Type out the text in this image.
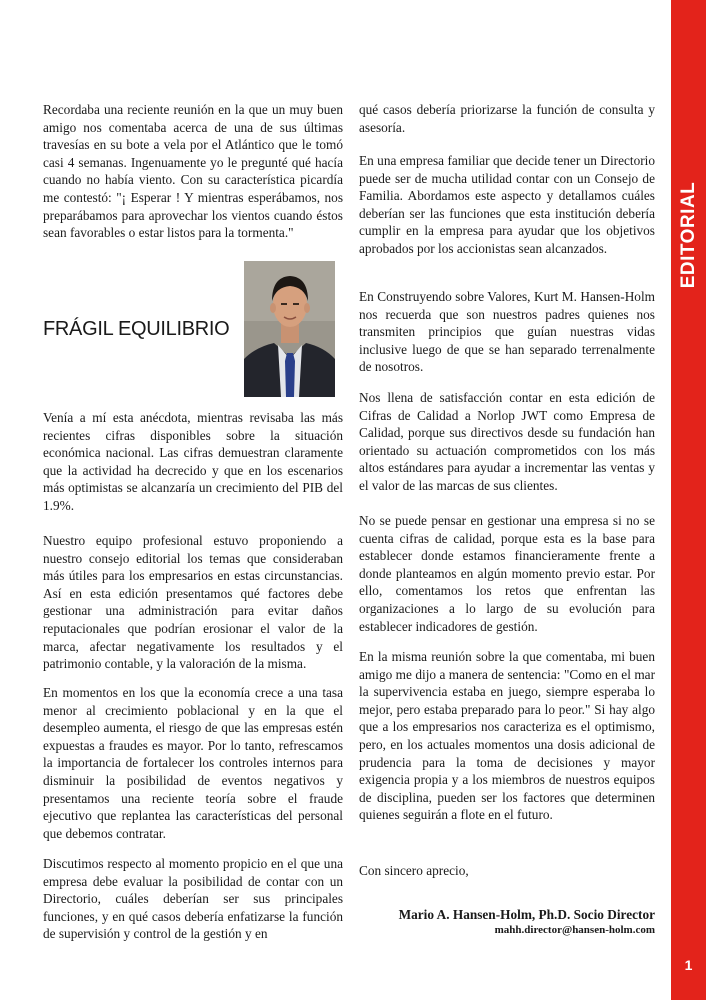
EDITORIAL
1

Recordaba una reciente reunión en la que un muy buen amigo nos comentaba acerca de una de sus últimas travesías en su bote a vela por el Atlántico que le tomó casi 4 semanas. Ingenuamente yo le pregunté qué hacía cuando no había viento. Con su característica picardía me contestó: "¡ Esperar ! Y mientras esperábamos, nos preparábamos para aprovechar los vientos cuando éstos sean favorables o estar listos para la tormenta."

FRÁGIL EQUILIBRIO

Venía a mí esta anécdota, mientras revisaba las más recientes cifras disponibles sobre la situación económica nacional. Las cifras demuestran claramente que la actividad ha decrecido y que en los escenarios más optimistas se alcanzaría un crecimiento del PIB del 1.9%.

Nuestro equipo profesional estuvo proponiendo a nuestro consejo editorial los temas que consideraban más útiles para los empresarios en estas circunstancias. Así en esta edición presentamos qué factores debe gestionar una administración para evitar daños reputacionales que podrían erosionar el valor de la marca, afectar negativamente los resultados y el patrimonio contable, y la valoración de la misma.

En momentos en los que la economía crece a una tasa menor al crecimiento poblacional y en la que el desempleo aumenta, el riesgo de que las empresas estén expuestas a fraudes es mayor. Por lo tanto, refrescamos la importancia de fortalecer los controles internos para disminuir la posibilidad de eventos negativos y presentamos una reciente teoría sobre el fraude ejecutivo que replantea las características del personal que debemos contratar.

Discutimos respecto al momento propicio en el que una empresa debe evaluar la posibilidad de contar con un Directorio, cuáles deberían ser sus principales funciones, y en qué casos debería enfatizarse la función de supervisión y control de la gestión y en

qué casos debería priorizarse la función de consulta y asesoría.

En una empresa familiar que decide tener un Directorio puede ser de mucha utilidad contar con un Consejo de Familia. Abordamos este aspecto y detallamos cuáles deberían ser las funciones que esta institución debería cumplir en la empresa para ayudar que los objetivos aprobados por los accionistas sean alcanzados.

En Construyendo sobre Valores, Kurt M. Hansen-Holm nos recuerda que son nuestros padres quienes nos transmiten principios que guían nuestras vidas inclusive luego de que se han separado terrenalmente de nosotros.

Nos llena de satisfacción contar en esta edición de Cifras de Calidad a Norlop JWT como Empresa de Calidad, porque sus directivos desde su fundación han orientado su actuación comprometidos con los más altos estándares para ayudar a incrementar las ventas y el valor de las marcas de sus clientes.

No se puede pensar en gestionar una empresa si no se cuenta cifras de calidad, porque esta es la base para establecer donde estamos financieramente frente a donde planteamos en algún momento previo estar. Por ello, comentamos los retos que enfrentan las organizaciones a lo largo de su evolución para establecer indicadores de gestión.

En la misma reunión sobre la que comentaba, mi buen amigo me dijo a manera de sentencia: "Como en el mar la supervivencia estaba en juego, siempre esperaba lo mejor, pero estaba preparado para lo peor." Si hay algo que a los empresarios nos caracteriza es el optimismo, pero, en los actuales momentos una dosis adicional de prudencia para la toma de decisiones y mayor exigencia propia y a los miembros de nuestros equipos de disciplina, pueden ser los factores que determinen quienes seguirán a flote en el futuro.

Con sincero aprecio,

Mario A. Hansen-Holm, Ph.D. Socio Director
mahh.director@hansen-holm.com
